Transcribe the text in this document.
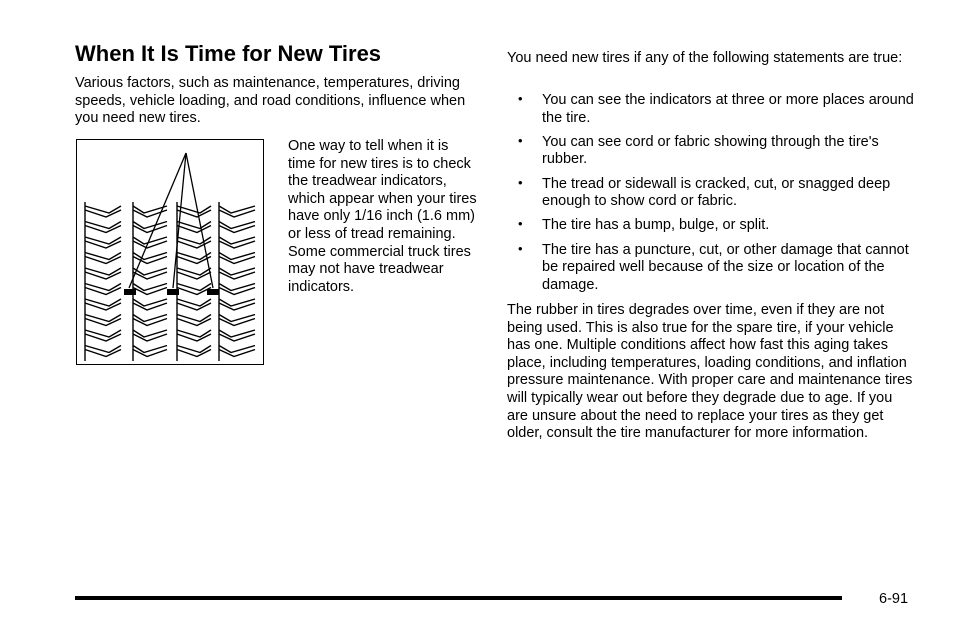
When It Is Time for New Tires

Various factors, such as maintenance, temperatures, driving speeds, vehicle loading, and road conditions, influence when you need new tires.

One way to tell when it is time for new tires is to check the treadwear indicators, which appear when your tires have only 1/16 inch (1.6 mm) or less of tread remaining. Some commercial truck tires may not have treadwear indicators.

You need new tires if any of the following statements are true:

• You can see the indicators at three or more places around the tire.
• You can see cord or fabric showing through the tire's rubber.
• The tread or sidewall is cracked, cut, or snagged deep enough to show cord or fabric.
• The tire has a bump, bulge, or split.
• The tire has a puncture, cut, or other damage that cannot be repaired well because of the size or location of the damage.

The rubber in tires degrades over time, even if they are not being used. This is also true for the spare tire, if your vehicle has one. Multiple conditions affect how fast this aging takes place, including temperatures, loading conditions, and inflation pressure maintenance. With proper care and maintenance tires will typically wear out before they degrade due to age. If you are unsure about the need to replace your tires as they get older, consult the tire manufacturer for more information.

6-91
